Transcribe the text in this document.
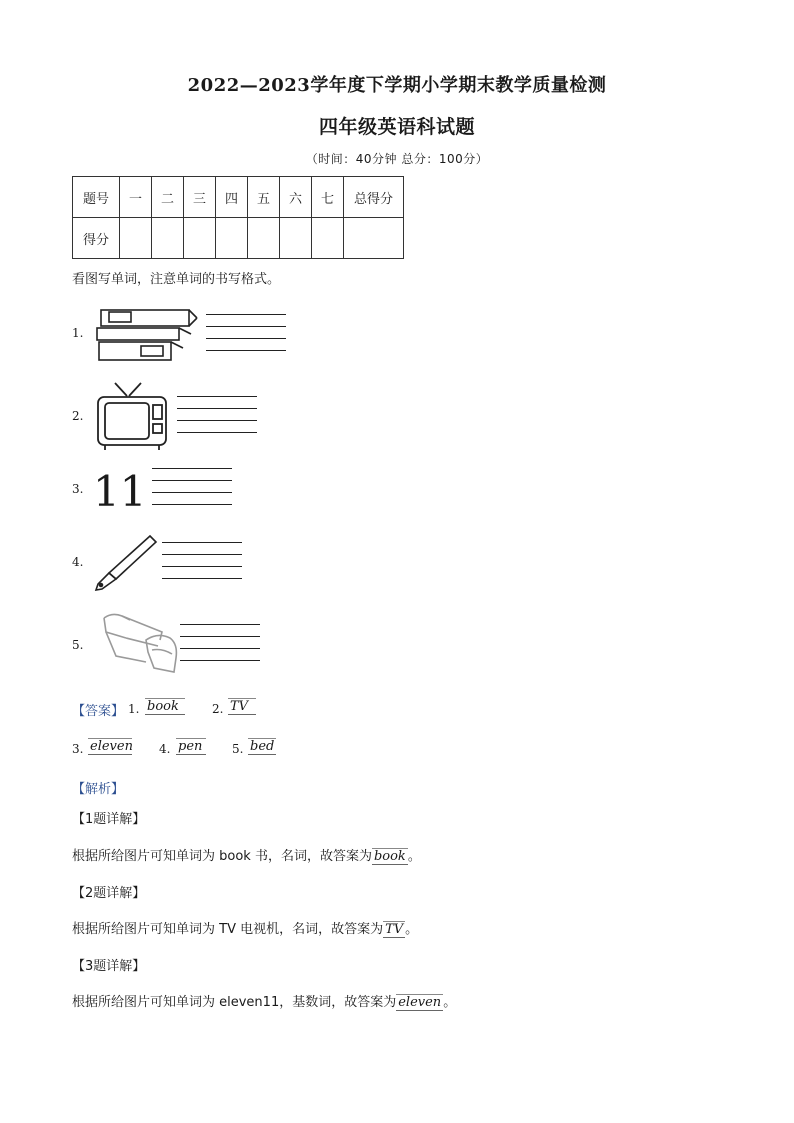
2022—2023学年度下学期小学期末教学质量检测
四年级英语科试题
（时间：40分钟 总分：100分）
题号	一	二	三	四	五	六	七	总得分
得分								
看图写单词，注意单词的书写格式。
1.
2.
3. 11
4.
5.
【答案】 1. book	2. TV
3. eleven 4. pen	5. bed
【解析】
【1题详解】
根据所给图片可知单词为 book 书，名词，故答案为 book 。
【2题详解】
根据所给图片可知单词为 TV 电视机，名词，故答案为 TV 。
【3题详解】
根据所给图片可知单词为 eleven11，基数词，故答案为 eleven 。
